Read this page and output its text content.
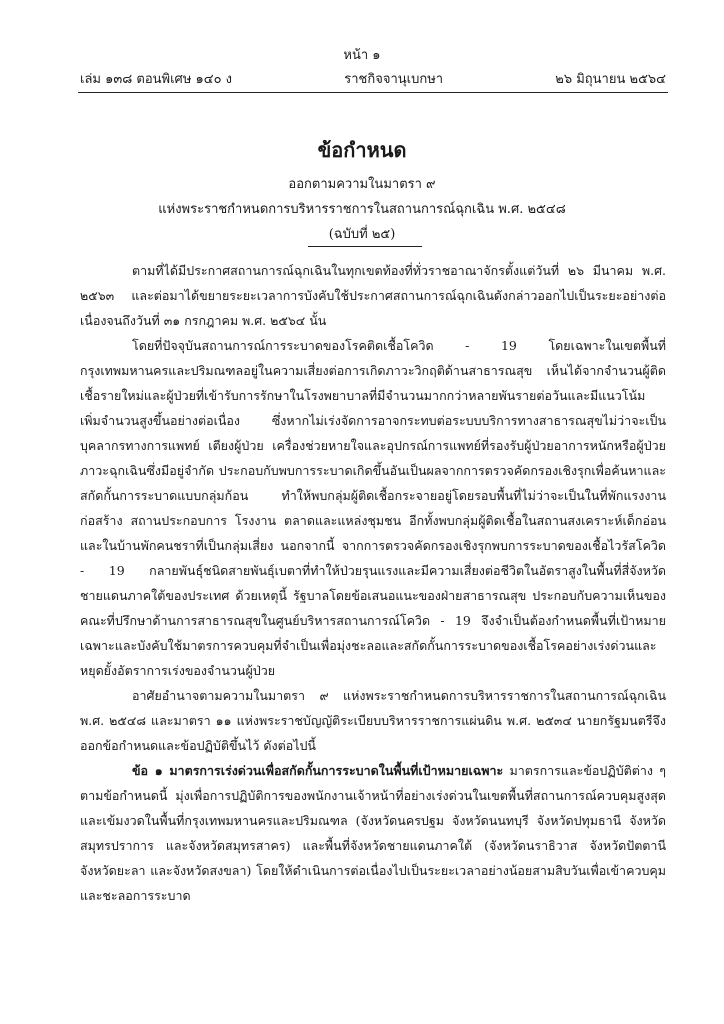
หน้า ๑
เล่ม ๑๓๘ ตอนพิเศษ ๑๔๐ ง	ราชกิจจานุเบกษา	๒๖ มิถุนายน ๒๕๖๔
ข้อกำหนด
ออกตามความในมาตรา ๙
แห่งพระราชกำหนดการบริหารราชการในสถานการณ์ฉุกเฉิน พ.ศ. ๒๕๔๘
(ฉบับที่ ๒๕)

ตามที่ได้มีประกาศสถานการณ์ฉุกเฉินในทุกเขตท้องที่ทั่วราชอาณาจักรตั้งแต่วันที่ ๒๖ มีนาคม พ.ศ. ๒๕๖๓ และต่อมาได้ขยายระยะเวลาการบังคับใช้ประกาศสถานการณ์ฉุกเฉินดังกล่าวออกไปเป็นระยะอย่างต่อเนื่องจนถึงวันที่ ๓๑ กรกฎาคม พ.ศ. ๒๕๖๔ นั้น

โดยที่ปัจจุบันสถานการณ์การระบาดของโรคติดเชื้อโควิด - 19 โดยเฉพาะในเขตพื้นที่กรุงเทพมหานครและปริมณฑลอยู่ในความเสี่ยงต่อการเกิดภาวะวิกฤติด้านสาธารณสุข เห็นได้จากจำนวนผู้ติดเชื้อรายใหม่และผู้ป่วยที่เข้ารับการรักษาในโรงพยาบาลที่มีจำนวนมากกว่าหลายพันรายต่อวันและมีแนวโน้มเพิ่มจำนวนสูงขึ้นอย่างต่อเนื่อง ซึ่งหากไม่เร่งจัดการอาจกระทบต่อระบบบริการทางสาธารณสุขไม่ว่าจะเป็นบุคลากรทางการแพทย์ เตียงผู้ป่วย เครื่องช่วยหายใจและอุปกรณ์การแพทย์ที่รองรับผู้ป่วยอาการหนักหรือผู้ป่วยภาวะฉุกเฉินซึ่งมีอยู่จำกัด ประกอบกับพบการระบาดเกิดขึ้นอันเป็นผลจากการตรวจคัดกรองเชิงรุกเพื่อค้นหาและสกัดกั้นการระบาดแบบกลุ่มก้อน ทำให้พบกลุ่มผู้ติดเชื้อกระจายอยู่โดยรอบพื้นที่ไม่ว่าจะเป็นในที่พักแรงงานก่อสร้าง สถานประกอบการ โรงงาน ตลาดและแหล่งชุมชน อีกทั้งพบกลุ่มผู้ติดเชื้อในสถานสงเคราะห์เด็กอ่อนและในบ้านพักคนชราที่เป็นกลุ่มเสี่ยง นอกจากนี้ จากการตรวจคัดกรองเชิงรุกพบการระบาดของเชื้อไวรัสโควิด - 19 กลายพันธุ์ชนิดสายพันธุ์เบตาที่ทำให้ป่วยรุนแรงและมีความเสี่ยงต่อชีวิตในอัตราสูงในพื้นที่สี่จังหวัดชายแดนภาคใต้ของประเทศ ด้วยเหตุนี้ รัฐบาลโดยข้อเสนอแนะของฝ่ายสาธารณสุข ประกอบกับความเห็นของคณะที่ปรึกษาด้านการสาธารณสุขในศูนย์บริหารสถานการณ์โควิด - 19 จึงจำเป็นต้องกำหนดพื้นที่เป้าหมายเฉพาะและบังคับใช้มาตรการควบคุมที่จำเป็นเพื่อมุ่งชะลอและสกัดกั้นการระบาดของเชื้อโรคอย่างเร่งด่วนและหยุดยั้งอัตราการเร่งของจำนวนผู้ป่วย

อาศัยอำนาจตามความในมาตรา ๙ แห่งพระราชกำหนดการบริหารราชการในสถานการณ์ฉุกเฉิน พ.ศ. ๒๕๔๘ และมาตรา ๑๑ แห่งพระราชบัญญัติระเบียบบริหารราชการแผ่นดิน พ.ศ. ๒๕๓๔ นายกรัฐมนตรีจึงออกข้อกำหนดและข้อปฏิบัติขึ้นไว้ ดังต่อไปนี้

ข้อ ๑ มาตรการเร่งด่วนเพื่อสกัดกั้นการระบาดในพื้นที่เป้าหมายเฉพาะ มาตรการและข้อปฏิบัติต่าง ๆ ตามข้อกำหนดนี้ มุ่งเพื่อการปฏิบัติการของพนักงานเจ้าหน้าที่อย่างเร่งด่วนในเขตพื้นที่สถานการณ์ควบคุมสูงสุดและเข้มงวดในพื้นที่กรุงเทพมหานครและปริมณฑล (จังหวัดนครปฐม จังหวัดนนทบุรี จังหวัดปทุมธานี จังหวัดสมุทรปราการ และจังหวัดสมุทรสาคร) และพื้นที่จังหวัดชายแดนภาคใต้ (จังหวัดนราธิวาส จังหวัดปัตตานี จังหวัดยะลา และจังหวัดสงขลา) โดยให้ดำเนินการต่อเนื่องไปเป็นระยะเวลาอย่างน้อยสามสิบวันเพื่อเข้าควบคุมและชะลอการระบาด
